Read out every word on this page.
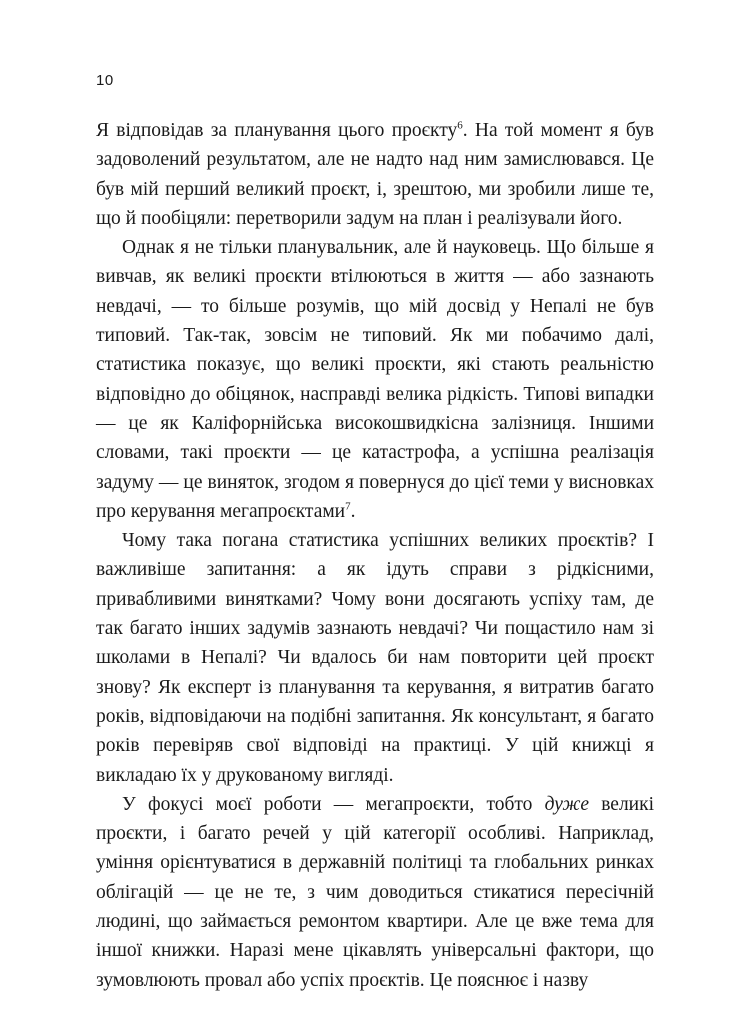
10

Я відповідав за планування цього проєкту$^6$. На той момент я був задоволений результатом, але не надто над ним замислювався. Це був мій перший великий проєкт, і, зрештою, ми зробили лише те, що й пообіцяли: перетворили задум на план і реалізували його.

Однак я не тільки планувальник, але й науковець. Що більше я вивчав, як великі проєкти втілюються в життя — або зазнають невдачі, — то більше розумів, що мій досвід у Непалі не був типовий. Так-так, зовсім не типовий. Як ми побачимо далі, статистика показує, що великі проєкти, які стають реальністю відповідно до обіцянок, насправді велика рідкість. Типові випадки — це як Каліфорнійська високошвидкісна залізниця. Іншими словами, такі проєкти — це катастрофа, а успішна реалізація задуму — це виняток, згодом я повернуся до цієї теми у висновках про керування мегапроєктами$^7$.

Чому така погана статистика успішних великих проєктів? І важливіше запитання: а як ідуть справи з рідкісними, привабливими винятками? Чому вони досягають успіху там, де так багато інших задумів зазнають невдачі? Чи пощастило нам зі школами в Непалі? Чи вдалось би нам повторити цей проєкт знову? Як експерт із планування та керування, я витратив багато років, відповідаючи на подібні запитання. Як консультант, я багато років перевіряв свої відповіді на практиці. У цій книжці я викладаю їх у друкованому вигляді.

У фокусі моєї роботи — мегапроєкти, тобто дуже великі проєкти, і багато речей у цій категорії особливі. Наприклад, уміння орієнтуватися в державній політиці та глобальних ринках облігацій — це не те, з чим доводиться стикатися пересічній людині, що займається ремонтом квартири. Але це вже тема для іншої книжки. Наразі мене цікавлять універсальні фактори, що зумовлюють провал або успіх проєктів. Це пояснює і назву
